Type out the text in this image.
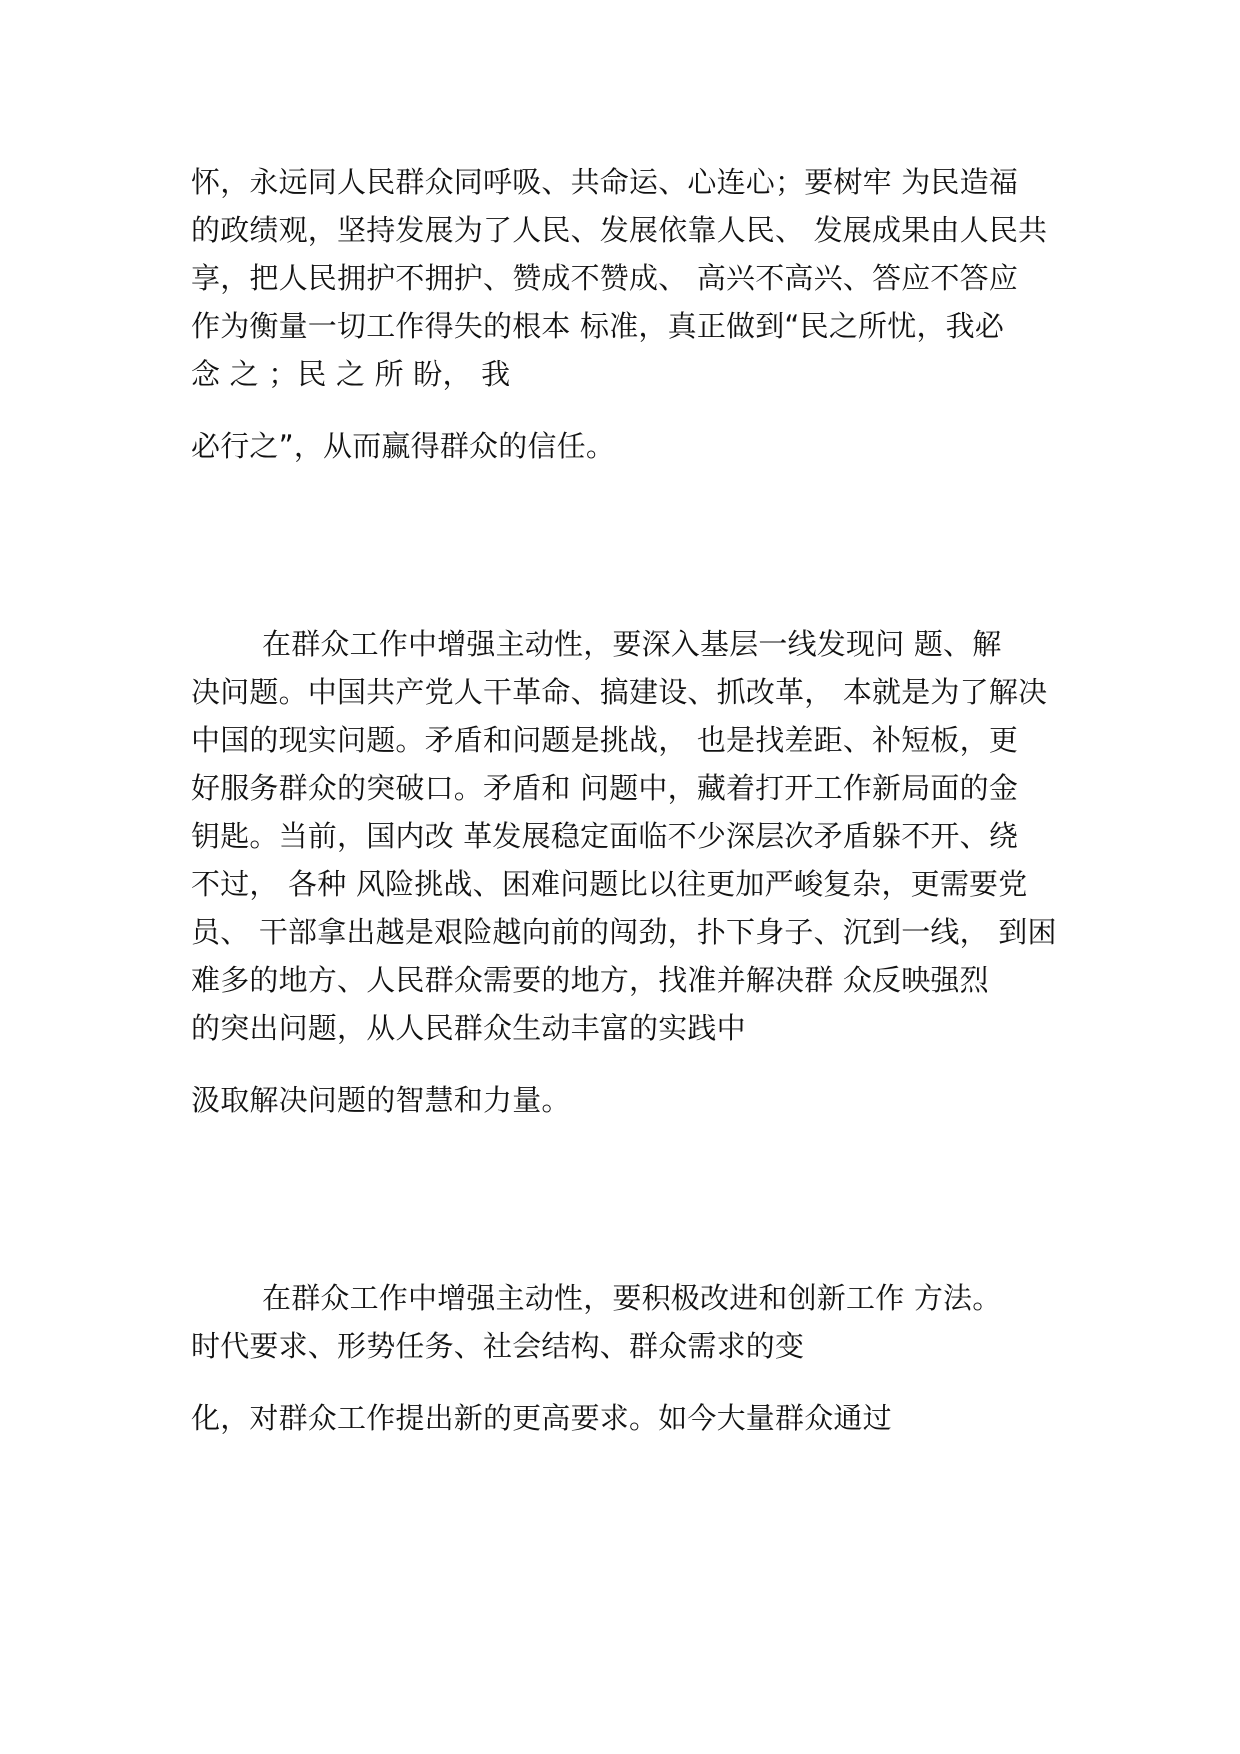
怀，永远同人民群众同呼吸、共命运、心连心；要树牢 为民造福
的政绩观，坚持发展为了人民、发展依靠人民、 发展成果由人民共
享，把人民拥护不拥护、赞成不赞成、 高兴不高兴、答应不答应
作为衡量一切工作得失的根本 标准，真正做到“民之所忧，我必
念 之 ；民 之 所 盼， 我
必行之”，从而赢得群众的信任。
在群众工作中增强主动性，要深入基层一线发现问 题、解
决问题。中国共产党人干革命、搞建设、抓改革， 本就是为了解决
中国的现实问题。矛盾和问题是挑战， 也是找差距、补短板，更
好服务群众的突破口。矛盾和 问题中，藏着打开工作新局面的金
钥匙。当前，国内改 革发展稳定面临不少深层次矛盾躲不开、绕
不过， 各种 风险挑战、困难问题比以往更加严峻复杂，更需要党
员、 干部拿出越是艰险越向前的闯劲，扑下身子、沉到一线， 到困
难多的地方、人民群众需要的地方，找准并解决群 众反映强烈
的突出问题，从人民群众生动丰富的实践中
汲取解决问题的智慧和力量。
在群众工作中增强主动性，要积极改进和创新工作 方法。
时代要求、形势任务、社会结构、群众需求的变
化，对群众工作提出新的更高要求。如今大量群众通过
